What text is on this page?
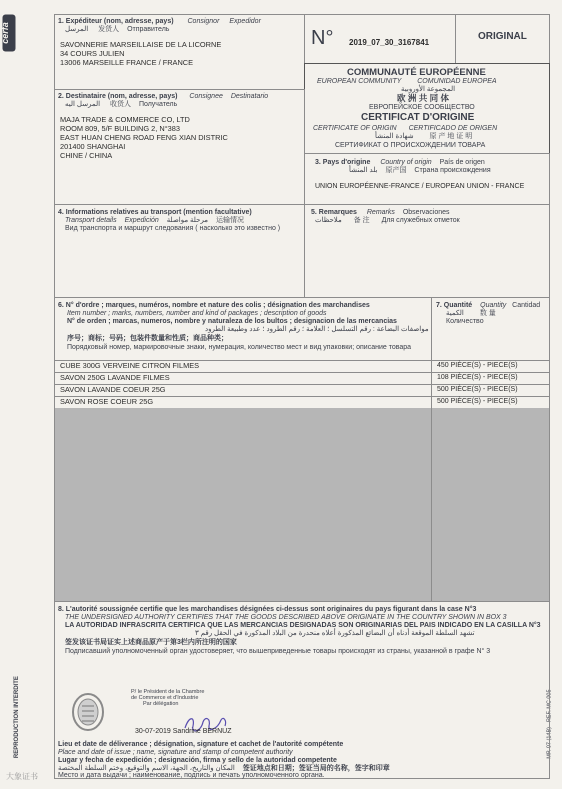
cerfa
REPRODUCTION INTERDITE	MP. 07 (14B) - REF. MC 005
1. Expéditeur (nom, adresse, pays) Consignor Expedidor
المرسل 发货人 Отправитель
SAVONNERIE MARSEILLAISE DE LA LICORNE
34 COURS JULIEN
13006 MARSEILLE FRANCE / FRANCE
N° 2019_07_30_3167841
ORIGINAL
COMMUNAUTÉ EUROPÉENNE
EUROPEAN COMMUNITY COMUNIDAD EUROPEA
المجموعة الأوروبية
欧 洲 共 同 体
ЕВРОПЕЙСКОЕ СООБЩЕСТВО
CERTIFICAT D'ORIGINE
CERTIFICATE OF ORIGIN CERTIFICADO DE ORIGEN
شهادة المنشأ 原 产 地 证 明
СЕРТИФИКАТ О ПРОИСХОЖДЕНИИ ТОВАРА
2. Destinataire (nom, adresse, pays) Consignee Destinatario
المرسل اليه 收货人 Получатель
MAJA TRADE & COMMERCE CO, LTD
ROOM 809, 5/F BUILDING 2, N°383
EAST HUAN CHENG ROAD FENG XIAN DISTRIC
201400 SHANGHAI
CHINE / CHINA
3. Pays d'origine Country of origin País de origen
بلد المنشأ 原产国 Страна происхождения
UNION EUROPÉENNE-FRANCE / EUROPEAN UNION - FRANCE
4. Informations relatives au transport (mention facultative)
Transport details Expedición مرحلة مواصلة 运输情况
Вид транспорта и маршрут следования ( насколько это известно )
5. Remarques Remarks Observaciones
ملاحظات 备 注 Для служебных отметок
6. N° d'ordre ; marques, numéros, nombre et nature des colis ; désignation des marchandises
Item number ; marks, numbers, number and kind of packages ; description of goods
N° de orden ; marcas, numeros, nombre y naturaleza de los bultos ; designacion de las mercancias
مواصفات البضاعة : رقم التسلسل ؛ العلامة ؛ رقم الطرود ؛ عدد وطبيعة الطرود
序号；商标；号码；包装件数量和性质；商品种类；
Порядковый номер, маркировочные знаки, нумерация, количество мест и вид упаковки; описание товара
CUBE 300G VERVEINE CITRON FILMES
SAVON 250G LAVANDE FILMES
SAVON LAVANDE COEUR 25G
SAVON ROSE COEUR 25G
7. Quantité Quantity Cantidad
الكمية 数 量
Количество
450 PIÈCE(S) - PIECE(S)
108 PIÈCE(S) - PIECE(S)
500 PIÈCE(S) - PIECE(S)
500 PIÈCE(S) - PIECE(S)
8. L'autorité soussignée certifie que les marchandises désignées ci-dessus sont originaires du pays figurant dans la case N°3
THE UNDERSIGNED AUTHORITY CERTIFIES THAT THE GOODS DESCRIBED ABOVE ORIGINATE IN THE COUNTRY SHOWN IN BOX 3
LA AUTORIDAD INFRASCRITA CERTIFICA QUE LAS MERCANCIAS DESIGNADAS SON ORIGINARIAS DEL PAIS INDICADO EN LA CASILLA N°3
تشهد السلطة الموقعة أدناه أن البضائع المذكورة أعلاه منحدرة من البلاد المذكورة في الحقل رقم ٣
签发该证书局证实上述商品原产于第3栏内所注明的国家
Подписавший уполномоченный орган удостоверяет, что вышеприведенные товары происходят из страны, указанной в графе N° 3
P/ le Président de la Chambre
de Commerce et d'Industrie
Par délégation
30-07-2019 Sandrine BERNUZ
Lieu et date de déliverance ; désignation, signature et cachet de l'autorité compétente
Place and date of issue ; name, signature and stamp of competent authority
Lugar y fecha de expedición ; designación, firma y sello de la autoridad competente
المكان والتاريخ، الجهة، الاسم والتوقيع، وختم السلطة المختصة 签证地点和日期；签证当局的名称，签字和印章
Место и дата выдачи ; наименование, подпись и печать уполномоченного органа.
大象证书
